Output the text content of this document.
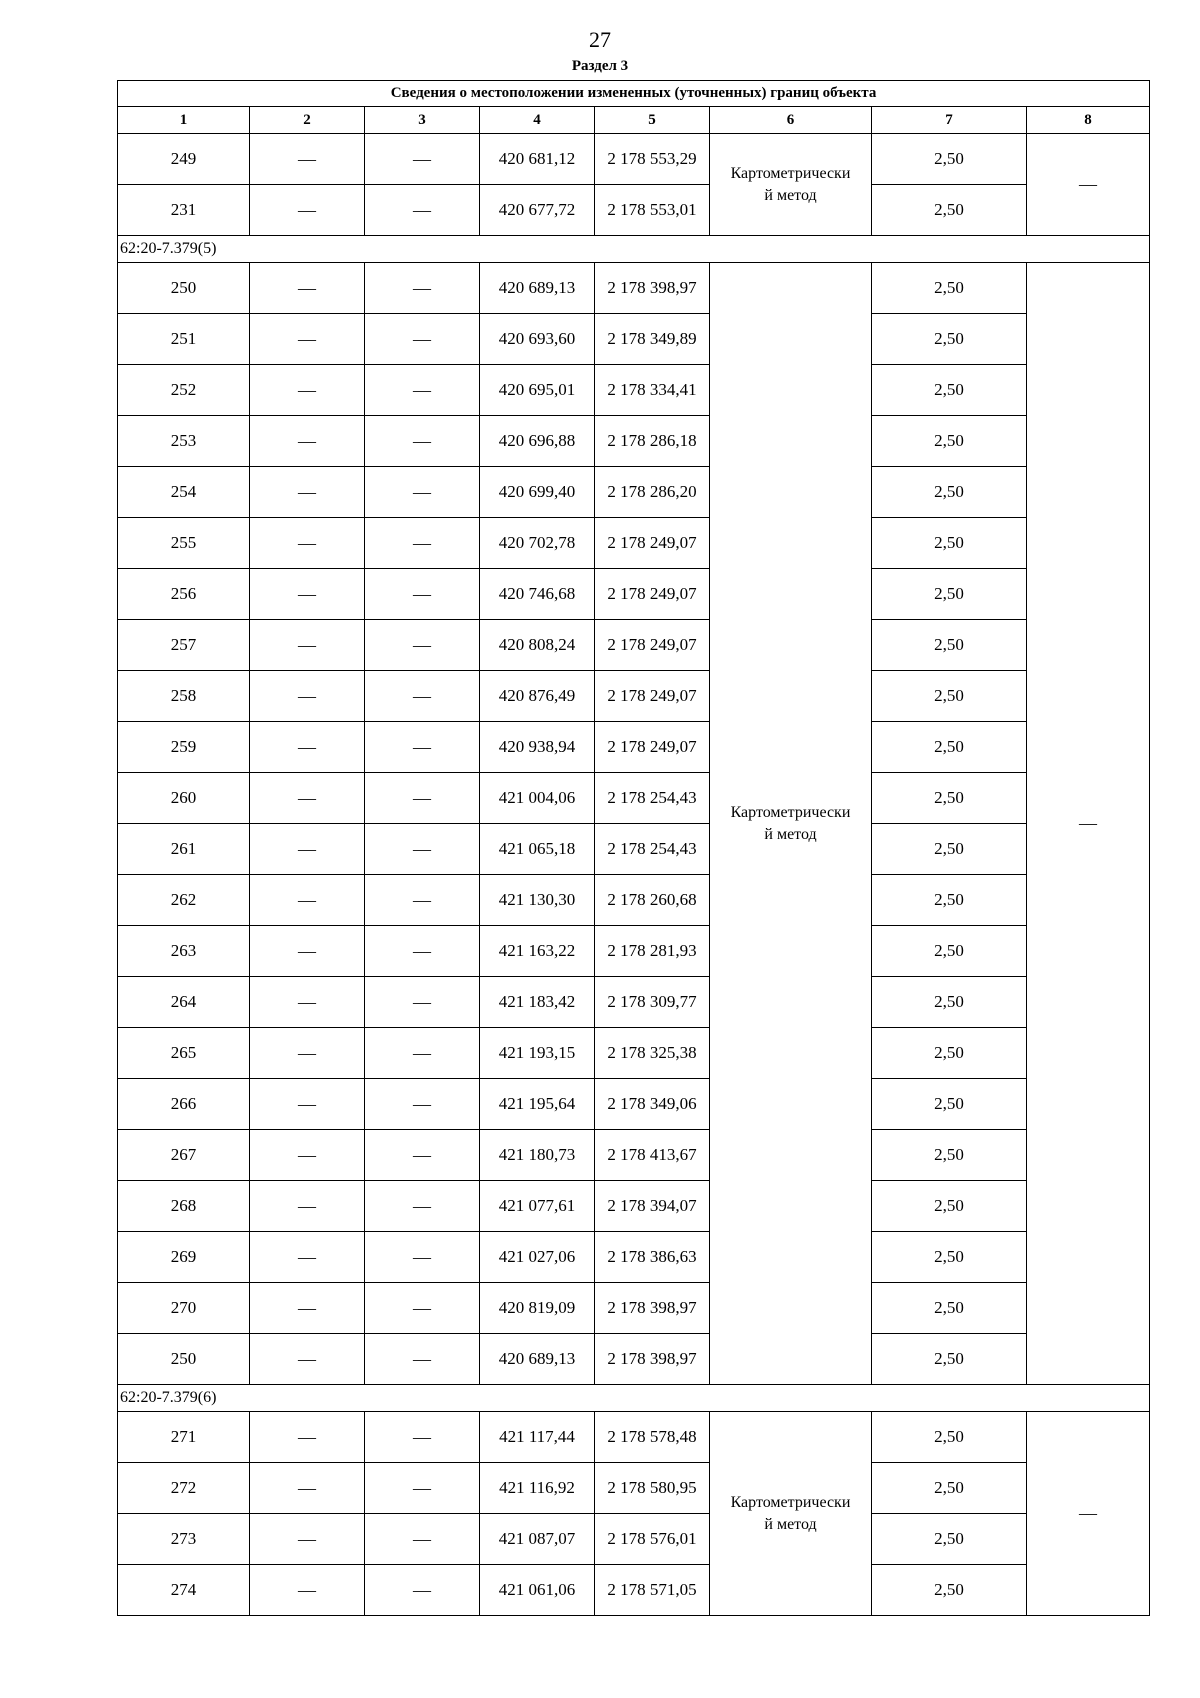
27
Раздел 3
Сведения о местоположении измененных (уточненных) границ объекта							
1	2	3	4	5	6	7	8
249	—	—	420 681,12	2 178 553,29	Картометрически
й метод	2,50	—
231	—	—	420 677,72	2 178 553,01		2,50	
62:20-7.379(5)							
250	—	—	420 689,13	2 178 398,97	Картометрически
й метод	2,50	—
251	—	—	420 693,60	2 178 349,89		2,50	
252	—	—	420 695,01	2 178 334,41		2,50	
253	—	—	420 696,88	2 178 286,18		2,50	
254	—	—	420 699,40	2 178 286,20		2,50	
255	—	—	420 702,78	2 178 249,07		2,50	
256	—	—	420 746,68	2 178 249,07		2,50	
257	—	—	420 808,24	2 178 249,07		2,50	
258	—	—	420 876,49	2 178 249,07		2,50	
259	—	—	420 938,94	2 178 249,07		2,50	
260	—	—	421 004,06	2 178 254,43		2,50	
261	—	—	421 065,18	2 178 254,43		2,50	
262	—	—	421 130,30	2 178 260,68		2,50	
263	—	—	421 163,22	2 178 281,93		2,50	
264	—	—	421 183,42	2 178 309,77		2,50	
265	—	—	421 193,15	2 178 325,38		2,50	
266	—	—	421 195,64	2 178 349,06		2,50	
267	—	—	421 180,73	2 178 413,67		2,50	
268	—	—	421 077,61	2 178 394,07		2,50	
269	—	—	421 027,06	2 178 386,63		2,50	
270	—	—	420 819,09	2 178 398,97		2,50	
250	—	—	420 689,13	2 178 398,97		2,50	
62:20-7.379(6)							
271	—	—	421 117,44	2 178 578,48	Картометрически
й метод	2,50	—
272	—	—	421 116,92	2 178 580,95		2,50	
273	—	—	421 087,07	2 178 576,01		2,50	
274	—	—	421 061,06	2 178 571,05		2,50	
